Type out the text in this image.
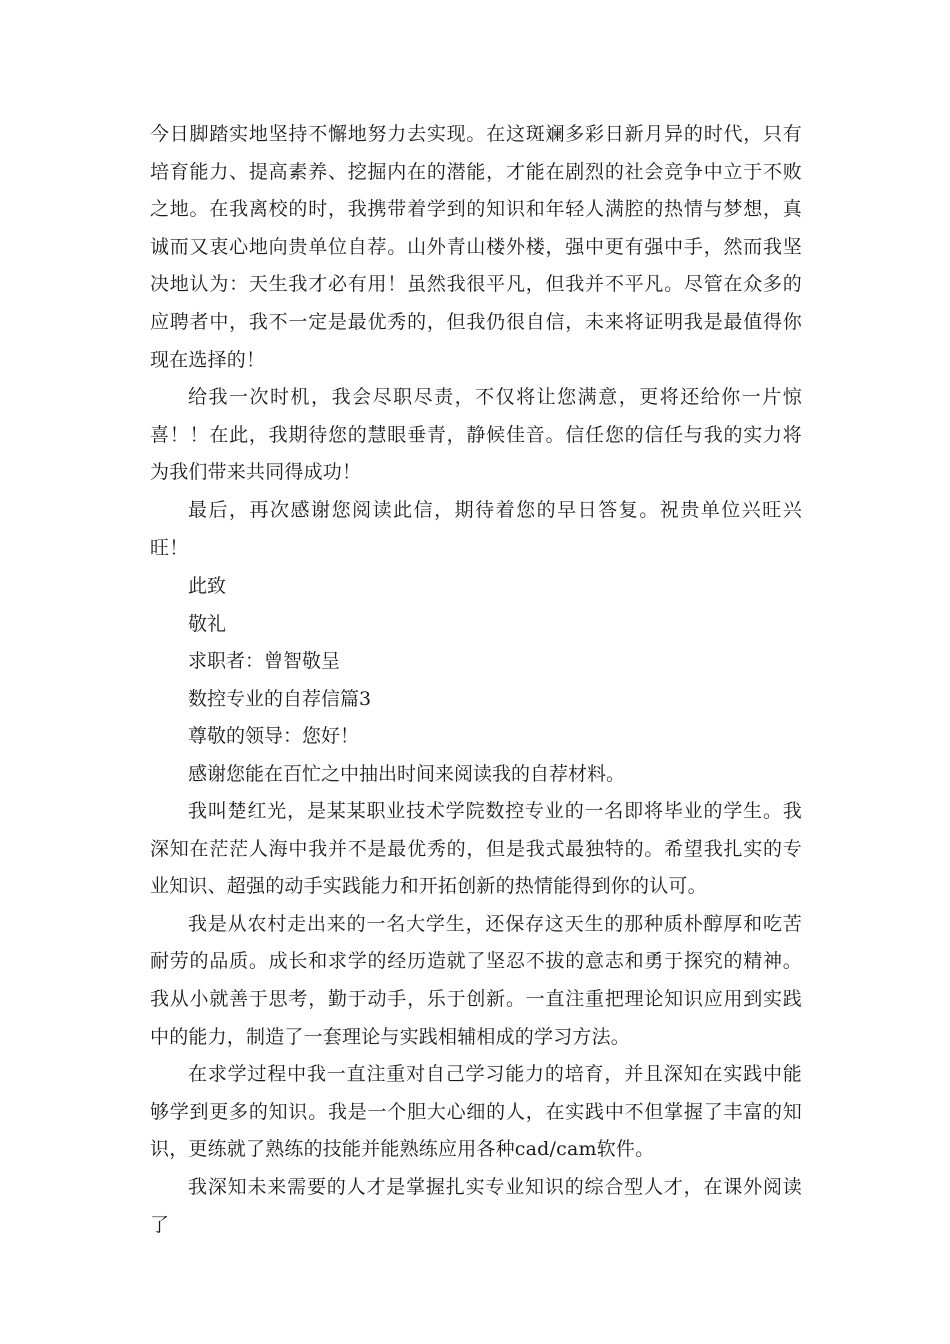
今日脚踏实地坚持不懈地努力去实现。在这斑斓多彩日新月异的时代，只有培育能力、提高素养、挖掘内在的潜能，才能在剧烈的社会竞争中立于不败之地。在我离校的时，我携带着学到的知识和年轻人满腔的热情与梦想，真诚而又衷心地向贵单位自荐。山外青山楼外楼，强中更有强中手，然而我坚决地认为：天生我才必有用！虽然我很平凡，但我并不平凡。尽管在众多的应聘者中，我不一定是最优秀的，但我仍很自信，未来将证明我是最值得你现在选择的！
给我一次时机，我会尽职尽责，不仅将让您满意，更将还给你一片惊喜！！在此，我期待您的慧眼垂青，静候佳音。信任您的信任与我的实力将为我们带来共同得成功！
最后，再次感谢您阅读此信，期待着您的早日答复。祝贵单位兴旺兴旺！
此致
敬礼
求职者：曾智敬呈
数控专业的自荐信篇3
尊敬的领导：您好！
感谢您能在百忙之中抽出时间来阅读我的自荐材料。

我叫楚红光，是某某职业技术学院数控专业的一名即将毕业的学生。我深知在茫茫人海中我并不是最优秀的，但是我式最独特的。希望我扎实的专业知识、超强的动手实践能力和开拓创新的热情能得到你的认可。

我是从农村走出来的一名大学生，还保存这天生的那种质朴醇厚和吃苦耐劳的品质。成长和求学的经历造就了坚忍不拔的意志和勇于探究的精神。我从小就善于思考，勤于动手，乐于创新。一直注重把理论知识应用到实践中的能力，制造了一套理论与实践相辅相成的学习方法。

在求学过程中我一直注重对自己学习能力的培育，并且深知在实践中能够学到更多的知识。我是一个胆大心细的人，在实践中不但掌握了丰富的知识，更练就了熟练的技能并能熟练应用各种cad/cam软件。

我深知未来需要的人才是掌握扎实专业知识的综合型人才，在课外阅读了
